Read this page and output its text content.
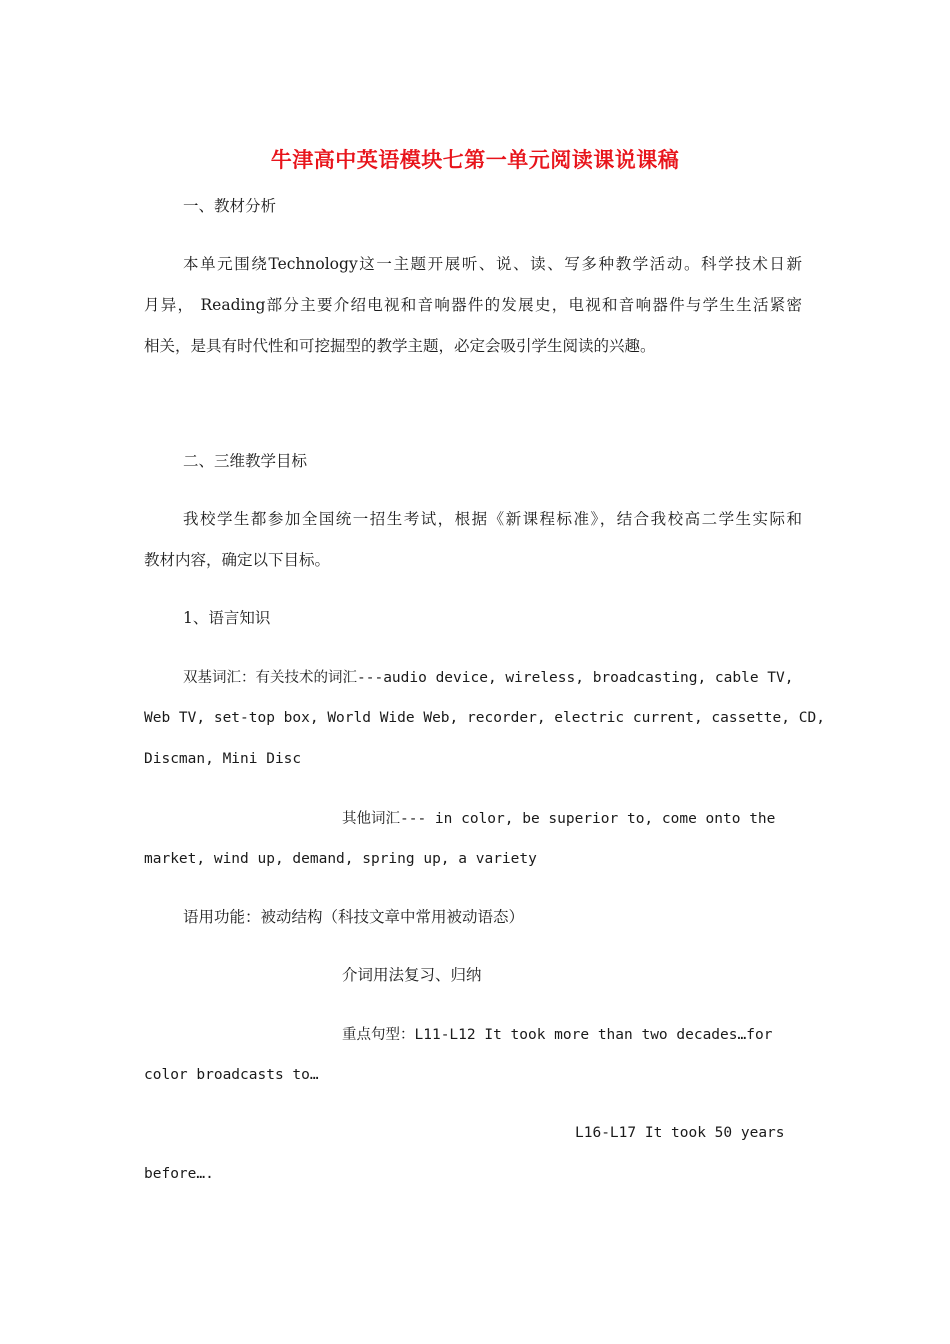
牛津高中英语模块七第一单元阅读课说课稿
一、教材分析
本单元围绕Technology这一主题开展听、说、读、写多种教学活动。科学技术日新
月异， Reading部分主要介绍电视和音响器件的发展史，电视和音响器件与学生生活紧密
相关，是具有时代性和可挖掘型的教学主题，必定会吸引学生阅读的兴趣。
二、三维教学目标
我校学生都参加全国统一招生考试，根据《新课程标准》，结合我校高二学生实际和
教材内容，确定以下目标。
1、语言知识
双基词汇：有关技术的词汇---audio device, wireless, broadcasting, cable TV,
Web TV, set-top box, World Wide Web, recorder, electric current, cassette, CD,
Discman, Mini Disc
其他词汇--- in color, be superior to, come onto the
market, wind up, demand, spring up, a variety
语用功能：被动结构（科技文章中常用被动语态）
介词用法复习、归纳
重点句型：L11-L12 It took more than two decades…for
color broadcasts to…
L16-L17 It took 50 years
before….
